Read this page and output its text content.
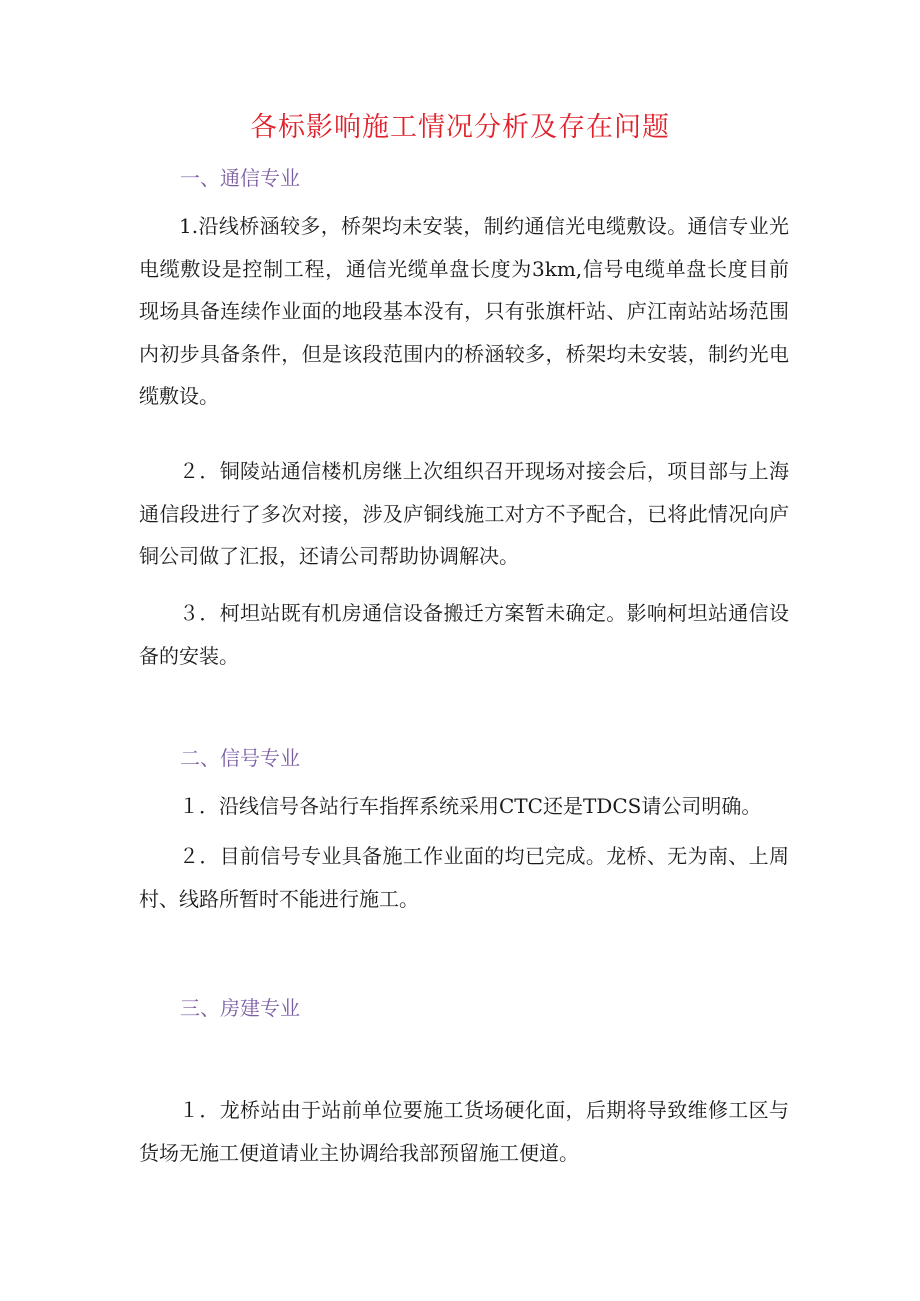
各标影响施工情况分析及存在问题
一、通信专业
1.沿线桥涵较多，桥架均未安装，制约通信光电缆敷设。通信专业光电缆敷设是控制工程，通信光缆单盘长度为3km,信号电缆单盘长度目前现场具备连续作业面的地段基本没有，只有张旗杆站、庐江南站站场范围内初步具备条件，但是该段范围内的桥涵较多，桥架均未安装，制约光电缆敷设。
２．铜陵站通信楼机房继上次组织召开现场对接会后，项目部与上海通信段进行了多次对接，涉及庐铜线施工对方不予配合，已将此情况向庐铜公司做了汇报，还请公司帮助协调解决。
３．柯坦站既有机房通信设备搬迁方案暂未确定。影响柯坦站通信设备的安装。
二、信号专业
１．沿线信号各站行车指挥系统采用CTC还是TDCS请公司明确。
２．目前信号专业具备施工作业面的均已完成。龙桥、无为南、上周村、线路所暂时不能进行施工。
三、房建专业
１．龙桥站由于站前单位要施工货场硬化面，后期将导致维修工区与货场无施工便道请业主协调给我部预留施工便道。
